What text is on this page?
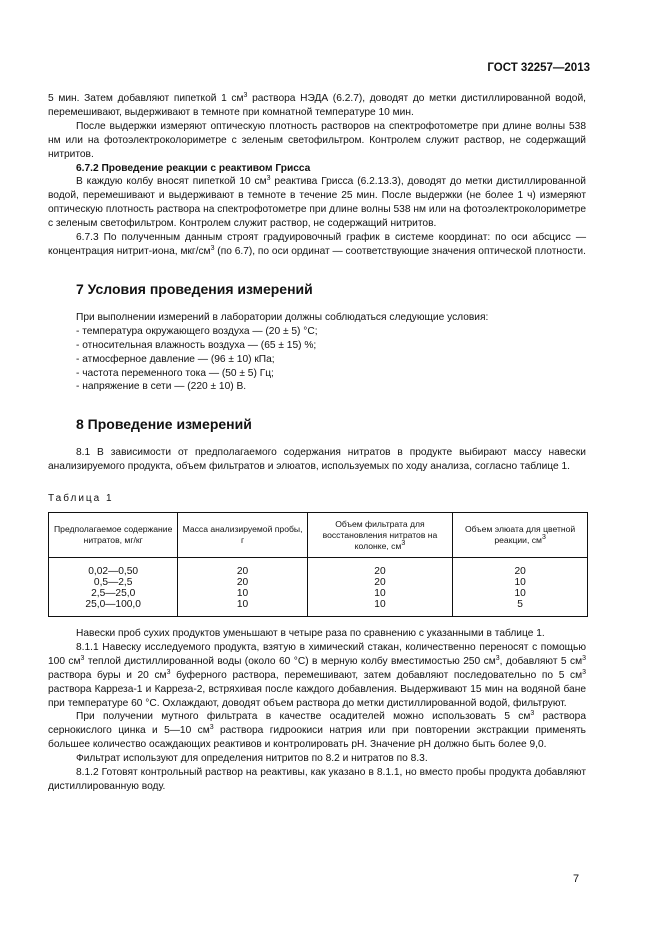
ГОСТ 32257—2013

5 мин. Затем добавляют пипеткой 1 $см^3$ раствора НЭДА (6.2.7), доводят до метки дистиллированной водой, перемешивают, выдерживают в темноте при комнатной температуре 10 мин.

После выдержки измеряют оптическую плотность растворов на спектрофотометре при длине волны 538 нм или на фотоэлектроколориметре с зеленым светофильтром. Контролем служит раствор, не содержащий нитритов.

6.7.2 Проведение реакции с реактивом Грисса

В каждую колбу вносят пипеткой 10 $см^3$ реактива Грисса (6.2.13.3), доводят до метки дистиллированной водой, перемешивают и выдерживают в темноте в течение 25 мин. После выдержки (не более 1 ч) измеряют оптическую плотность раствора на спектрофотометре при длине волны 538 нм или на фотоэлектроколориметре с зеленым светофильтром. Контролем служит раствор, не содержащий нитритов.

6.7.3 По полученным данным строят градуировочный график в системе координат: по оси абсцисс — концентрация нитрит-иона, мкг/$см^3$ (по 6.7), по оси ординат — соответствующие значения оптической плотности.

7 Условия проведения измерений

При выполнении измерений в лаборатории должны соблюдаться следующие условия:

- температура окружающего воздуха — (20 ± 5) °С;
- относительная влажность воздуха — (65 ± 15) %;
- атмосферное давление — (96 ± 10) кПа;
- частота переменного тока — (50 ± 5) Гц;
- напряжение в сети — (220 ± 10) В.
8 Проведение измерений

8.1 В зависимости от предполагаемого содержания нитратов в продукте выбирают массу навески анализируемого продукта, объем фильтратов и элюатов, используемых по ходу анализа, согласно таблице 1.

Таблица 1
Предполагаемое содержание нитратов, мг/кг	Масса анализируемой пробы, г	Объем фильтрата для восстановления нитратов на колонке, $см^3$	Объем элюата для цветной реакции, $см^3$
0,02—0,50	20	20	20
0,5—2,5	20	20	10
2,5—25,0	10	10	10
25,0—100,0	10	10	5

Навески проб сухих продуктов уменьшают в четыре раза по сравнению с указанными в таблице 1.

8.1.1 Навеску исследуемого продукта, взятую в химический стакан, количественно переносят с помощью 100 $см^3$ теплой дистиллированной воды (около 60 °С) в мерную колбу вместимостью 250 $см^3$, добавляют 5 $см^3$ раствора буры и 20 $см^3$ буферного раствора, перемешивают, затем добавляют последовательно по 5 $см^3$ раствора Карреза-1 и Карреза-2, встряхивая после каждого добавления. Выдерживают 15 мин на водяной бане при температуре 60 °С. Охлаждают, доводят объем раствора до метки дистиллированной водой, фильтруют.

При получении мутного фильтрата в качестве осадителей можно использовать 5 $см^3$ раствора сернокислого цинка и 5—10 $см^3$ раствора гидроокиси натрия или при повторении экстракции применять большее количество осаждающих реактивов и контролировать рН. Значение рН должно быть более 9,0.

Фильтрат используют для определения нитритов по 8.2 и нитратов по 8.3.

8.1.2 Готовят контрольный раствор на реактивы, как указано в 8.1.1, но вместо пробы продукта добавляют дистиллированную воду.

7
